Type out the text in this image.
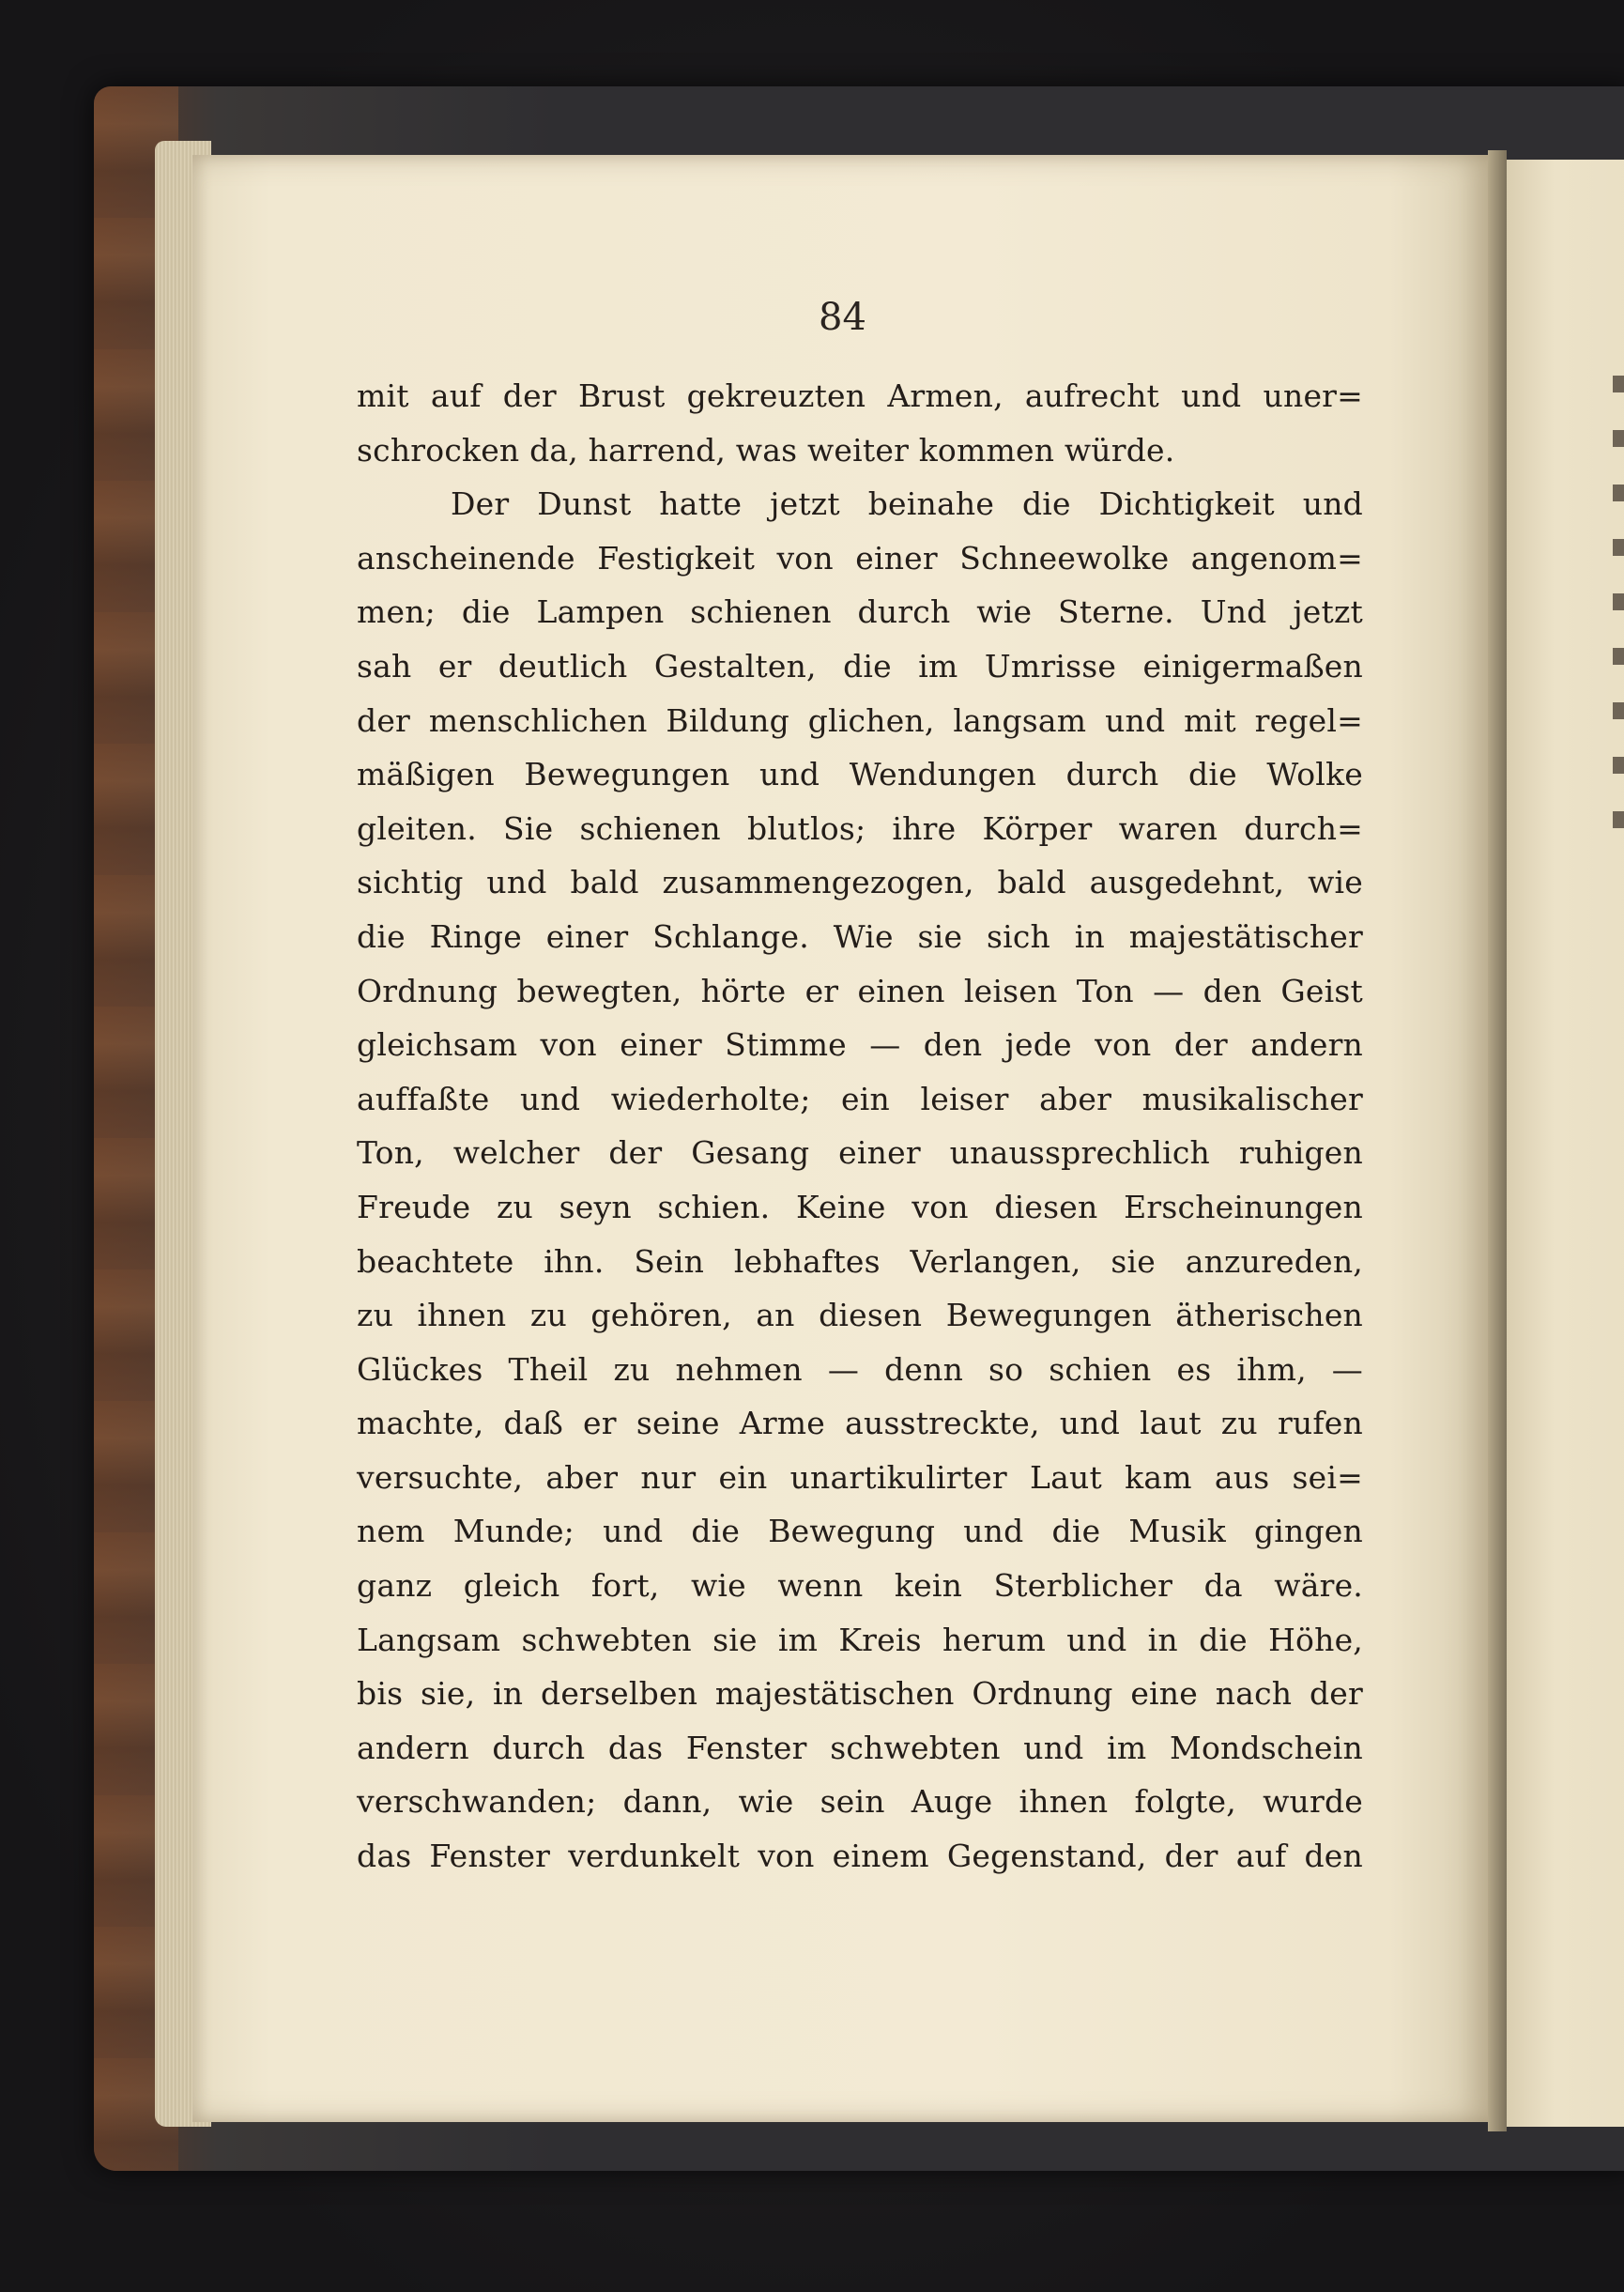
84

mit auf der Brust gekreuzten Armen, aufrecht und uner=
schrocken da, harrend, was weiter kommen würde.
Der Dunst hatte jetzt beinahe die Dichtigkeit und
anscheinende Festigkeit von einer Schneewolke angenom=
men; die Lampen schienen durch wie Sterne. Und jetzt
sah er deutlich Gestalten, die im Umrisse einigermaßen
der menschlichen Bildung glichen, langsam und mit regel=
mäßigen Bewegungen und Wendungen durch die Wolke
gleiten. Sie schienen blutlos; ihre Körper waren durch=
sichtig und bald zusammengezogen, bald ausgedehnt, wie
die Ringe einer Schlange. Wie sie sich in majestätischer
Ordnung bewegten, hörte er einen leisen Ton — den Geist
gleichsam von einer Stimme — den jede von der andern
auffaßte und wiederholte; ein leiser aber musikalischer
Ton, welcher der Gesang einer unaussprechlich ruhigen
Freude zu seyn schien. Keine von diesen Erscheinungen
beachtete ihn. Sein lebhaftes Verlangen, sie anzureden,
zu ihnen zu gehören, an diesen Bewegungen ätherischen
Glückes Theil zu nehmen — denn so schien es ihm, —
machte, daß er seine Arme ausstreckte, und laut zu rufen
versuchte, aber nur ein unartikulirter Laut kam aus sei=
nem Munde; und die Bewegung und die Musik gingen
ganz gleich fort, wie wenn kein Sterblicher da wäre.
Langsam schwebten sie im Kreis herum und in die Höhe,
bis sie, in derselben majestätischen Ordnung eine nach der
andern durch das Fenster schwebten und im Mondschein
verschwanden; dann, wie sein Auge ihnen folgte, wurde
das Fenster verdunkelt von einem Gegenstand, der auf den
